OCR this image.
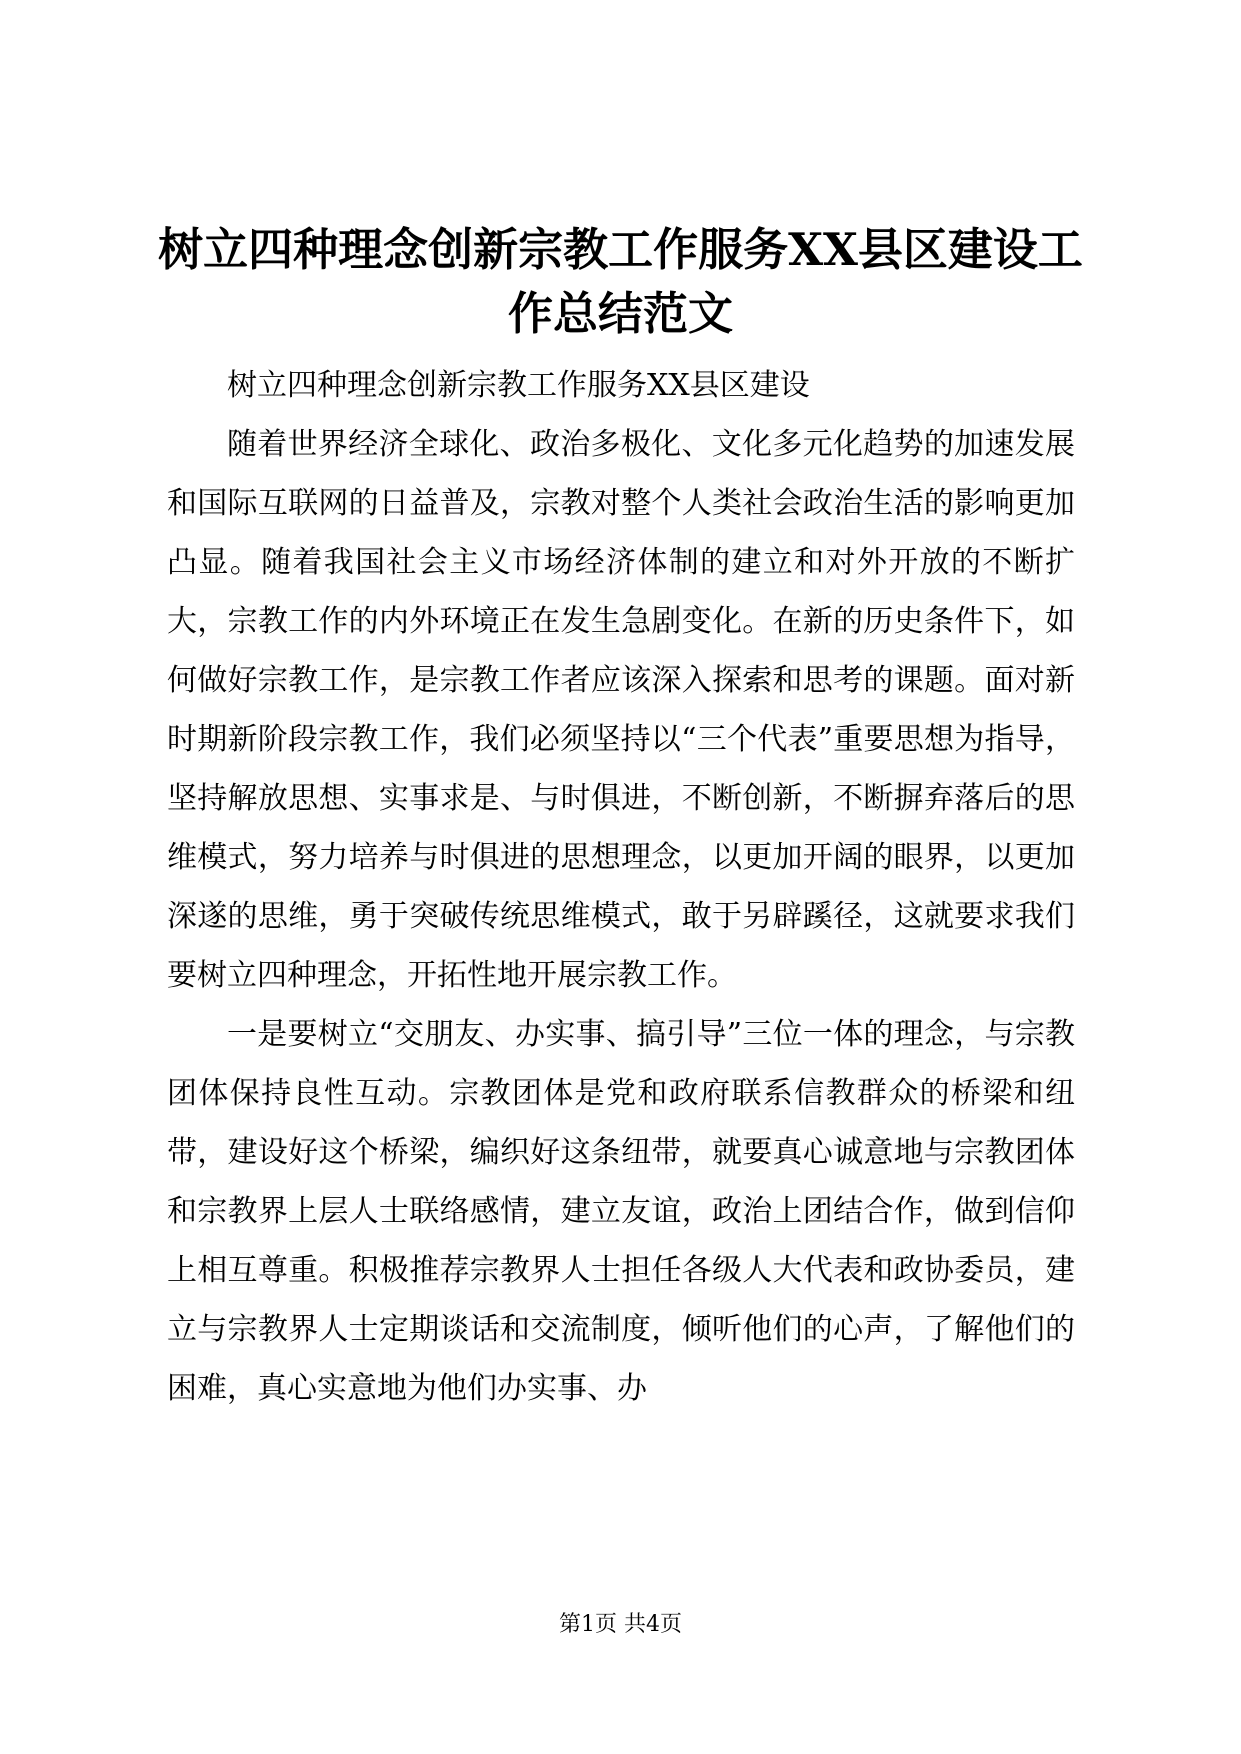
树立四种理念创新宗教工作服务XX县区建设工作总结范文

树立四种理念创新宗教工作服务XX县区建设

随着世界经济全球化、政治多极化、文化多元化趋势的加速发展和国际互联网的日益普及，宗教对整个人类社会政治生活的影响更加凸显。随着我国社会主义市场经济体制的建立和对外开放的不断扩大，宗教工作的内外环境正在发生急剧变化。在新的历史条件下，如何做好宗教工作，是宗教工作者应该深入探索和思考的课题。面对新时期新阶段宗教工作，我们必须坚持以“三个代表”重要思想为指导，坚持解放思想、实事求是、与时俱进，不断创新，不断摒弃落后的思维模式，努力培养与时俱进的思想理念，以更加开阔的眼界，以更加深遂的思维，勇于突破传统思维模式，敢于另辟蹊径，这就要求我们要树立四种理念，开拓性地开展宗教工作。

一是要树立“交朋友、办实事、搞引导”三位一体的理念，与宗教团体保持良性互动。宗教团体是党和政府联系信教群众的桥梁和纽带，建设好这个桥梁，编织好这条纽带，就要真心诚意地与宗教团体和宗教界上层人士联络感情，建立友谊，政治上团结合作，做到信仰上相互尊重。积极推荐宗教界人士担任各级人大代表和政协委员，建立与宗教界人士定期谈话和交流制度，倾听他们的心声，了解他们的困难，真心实意地为他们办实事、办

第1页 共4页
